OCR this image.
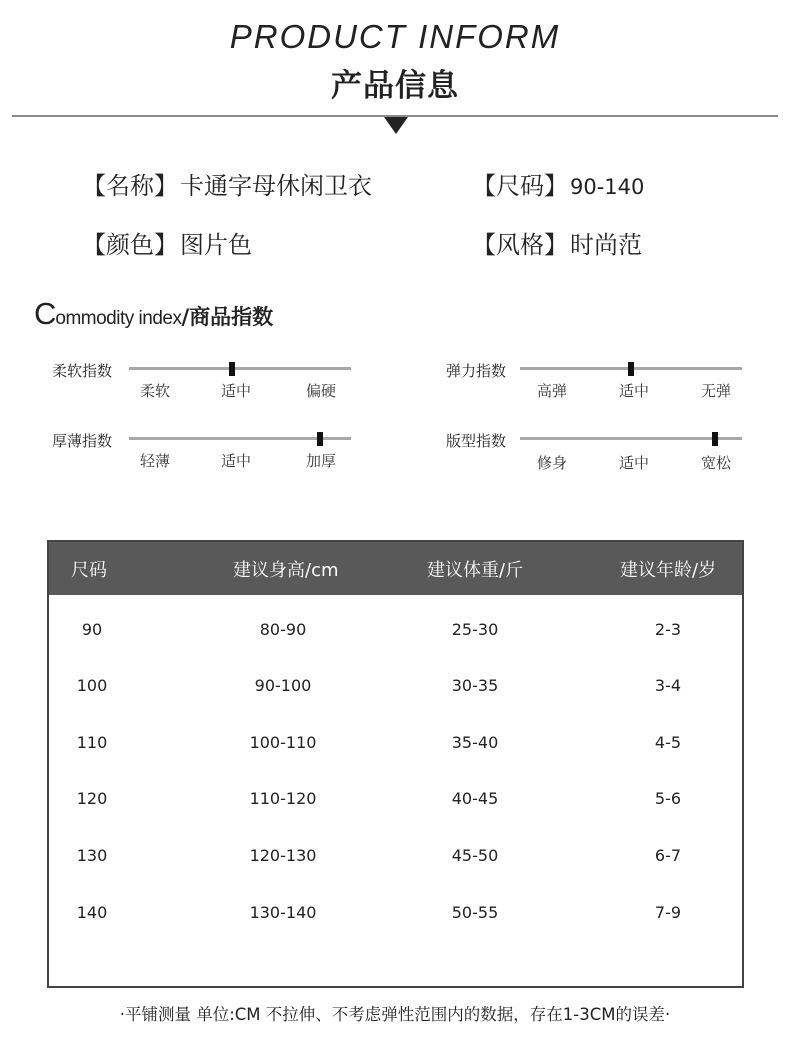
PRODUCT INFORM
产品信息
【名称】卡通字母休闲卫衣	【尺码】90-140
【颜色】图片色	【风格】时尚范
Commodity index/商品指数
柔软指数
柔软	适中	偏硬
弹力指数
高弹	适中	无弹
厚薄指数
轻薄	适中	加厚
版型指数
修身	适中	宽松
尺码	建议身高/cm	建议体重/斤	建议年龄/岁
90	80-90	25-30	2-3
100	90-100	30-35	3-4
110	100-110	35-40	4-5
120	110-120	40-45	5-6
130	120-130	45-50	6-7
140	130-140	50-55	7-9
·平铺测量 单位:CM 不拉伸、不考虑弹性范围内的数据，存在1-3CM的误差·
